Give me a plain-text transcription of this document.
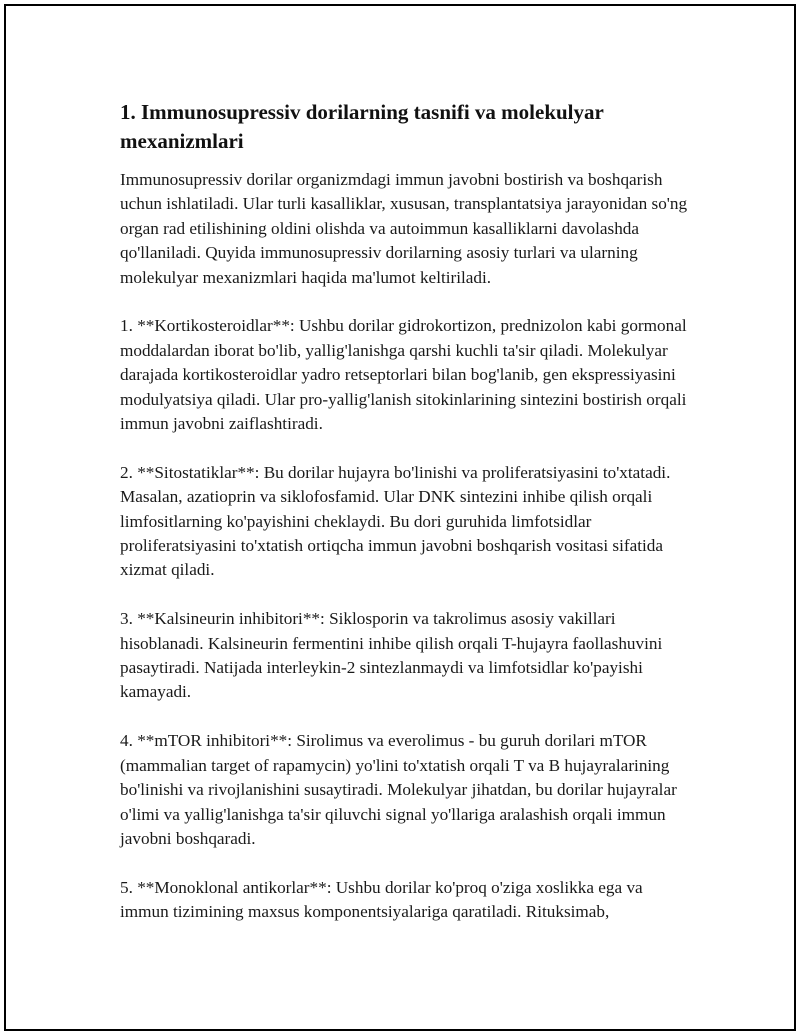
1. Immunosupressiv dorilarning tasnifi va molekulyar mexanizmlari

Immunosupressiv dorilar organizmdagi immun javobni bostirish va boshqarish uchun ishlatiladi. Ular turli kasalliklar, xususan, transplantatsiya jarayonidan so'ng organ rad etilishining oldini olishda va autoimmun kasalliklarni davolashda qo'llaniladi. Quyida immunosupressiv dorilarning asosiy turlari va ularning molekulyar mexanizmlari haqida ma'lumot keltiriladi.

1. **Kortikosteroidlar**: Ushbu dorilar gidrokortizon, prednizolon kabi gormonal moddalardan iborat bo'lib, yallig'lanishga qarshi kuchli ta'sir qiladi. Molekulyar darajada kortikosteroidlar yadro retseptorlari bilan bog'lanib, gen ekspressiyasini modulyatsiya qiladi. Ular pro-yallig'lanish sitokinlarining sintezini bostirish orqali immun javobni zaiflashtiradi.

2. **Sitostatiklar**: Bu dorilar hujayra bo'linishi va proliferatsiyasini to'xtatadi. Masalan, azatioprin va siklofosfamid. Ular DNK sintezini inhibe qilish orqali limfositlarning ko'payishini cheklaydi. Bu dori guruhida limfotsidlar proliferatsiyasini to'xtatish ortiqcha immun javobni boshqarish vositasi sifatida xizmat qiladi.

3. **Kalsineurin inhibitori**: Siklosporin va takrolimus asosiy vakillari hisoblanadi. Kalsineurin fermentini inhibe qilish orqali T-hujayra faollashuvini pasaytiradi. Natijada interleykin-2 sintezlanmaydi va limfotsidlar ko'payishi kamayadi.

4. **mTOR inhibitori**: Sirolimus va everolimus - bu guruh dorilari mTOR (mammalian target of rapamycin) yo'lini to'xtatish orqali T va B hujayralarining bo'linishi va rivojlanishini susaytiradi. Molekulyar jihatdan, bu dorilar hujayralar o'limi va yallig'lanishga ta'sir qiluvchi signal yo'llariga aralashish orqali immun javobni boshqaradi.

5. **Monoklonal antikorlar**: Ushbu dorilar ko'proq o'ziga xoslikka ega va immun tizimining maxsus komponentsiyalariga qaratiladi. Rituksimab,
